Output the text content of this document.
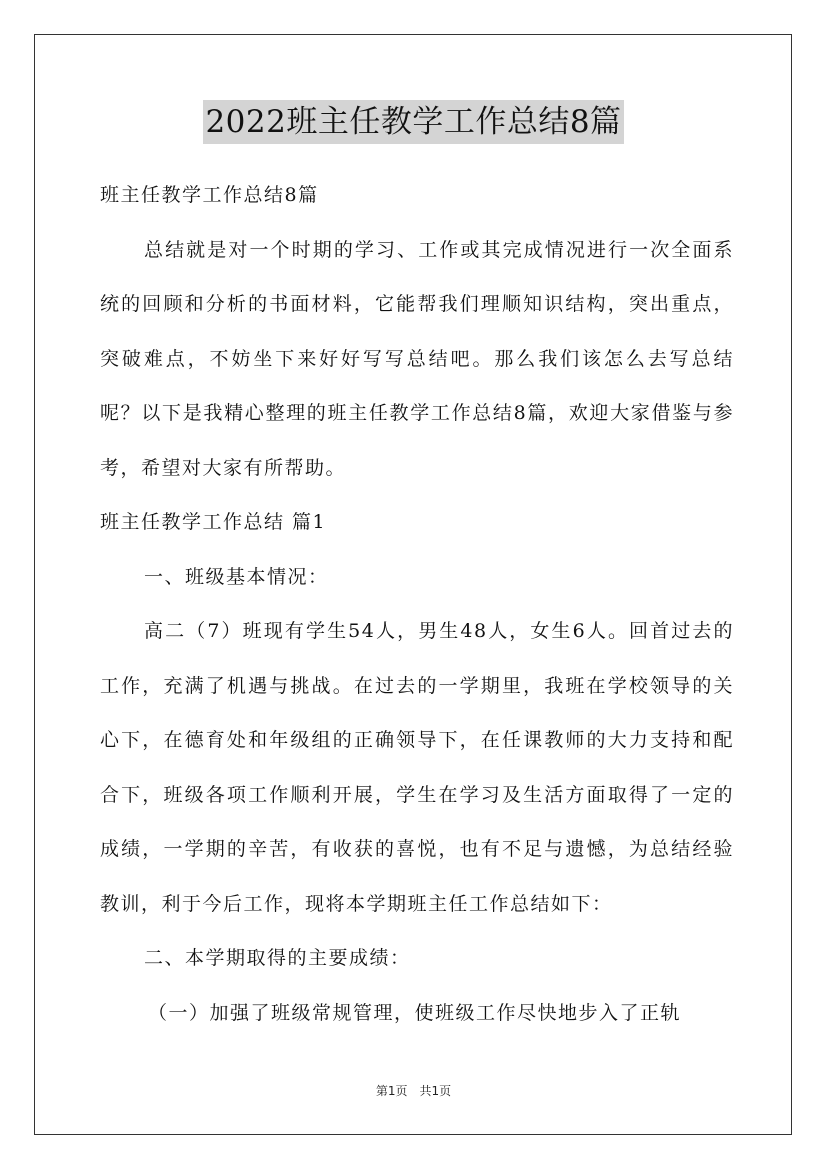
2022班主任教学工作总结8篇

班主任教学工作总结8篇

总结就是对一个时期的学习、工作或其完成情况进行一次全面系统的回顾和分析的书面材料，它能帮我们理顺知识结构，突出重点，突破难点，不妨坐下来好好写写总结吧。那么我们该怎么去写总结呢？以下是我精心整理的班主任教学工作总结8篇，欢迎大家借鉴与参考，希望对大家有所帮助。

班主任教学工作总结 篇1

一、班级基本情况：

高二（7）班现有学生54人，男生48人，女生6人。回首过去的工作，充满了机遇与挑战。在过去的一学期里，我班在学校领导的关心下，在德育处和年级组的正确领导下，在任课教师的大力支持和配合下，班级各项工作顺利开展，学生在学习及生活方面取得了一定的成绩，一学期的辛苦，有收获的喜悦，也有不足与遗憾，为总结经验教训，利于今后工作，现将本学期班主任工作总结如下：

二、本学期取得的主要成绩：

（一）加强了班级常规管理，使班级工作尽快地步入了正轨

第1页 共1页
